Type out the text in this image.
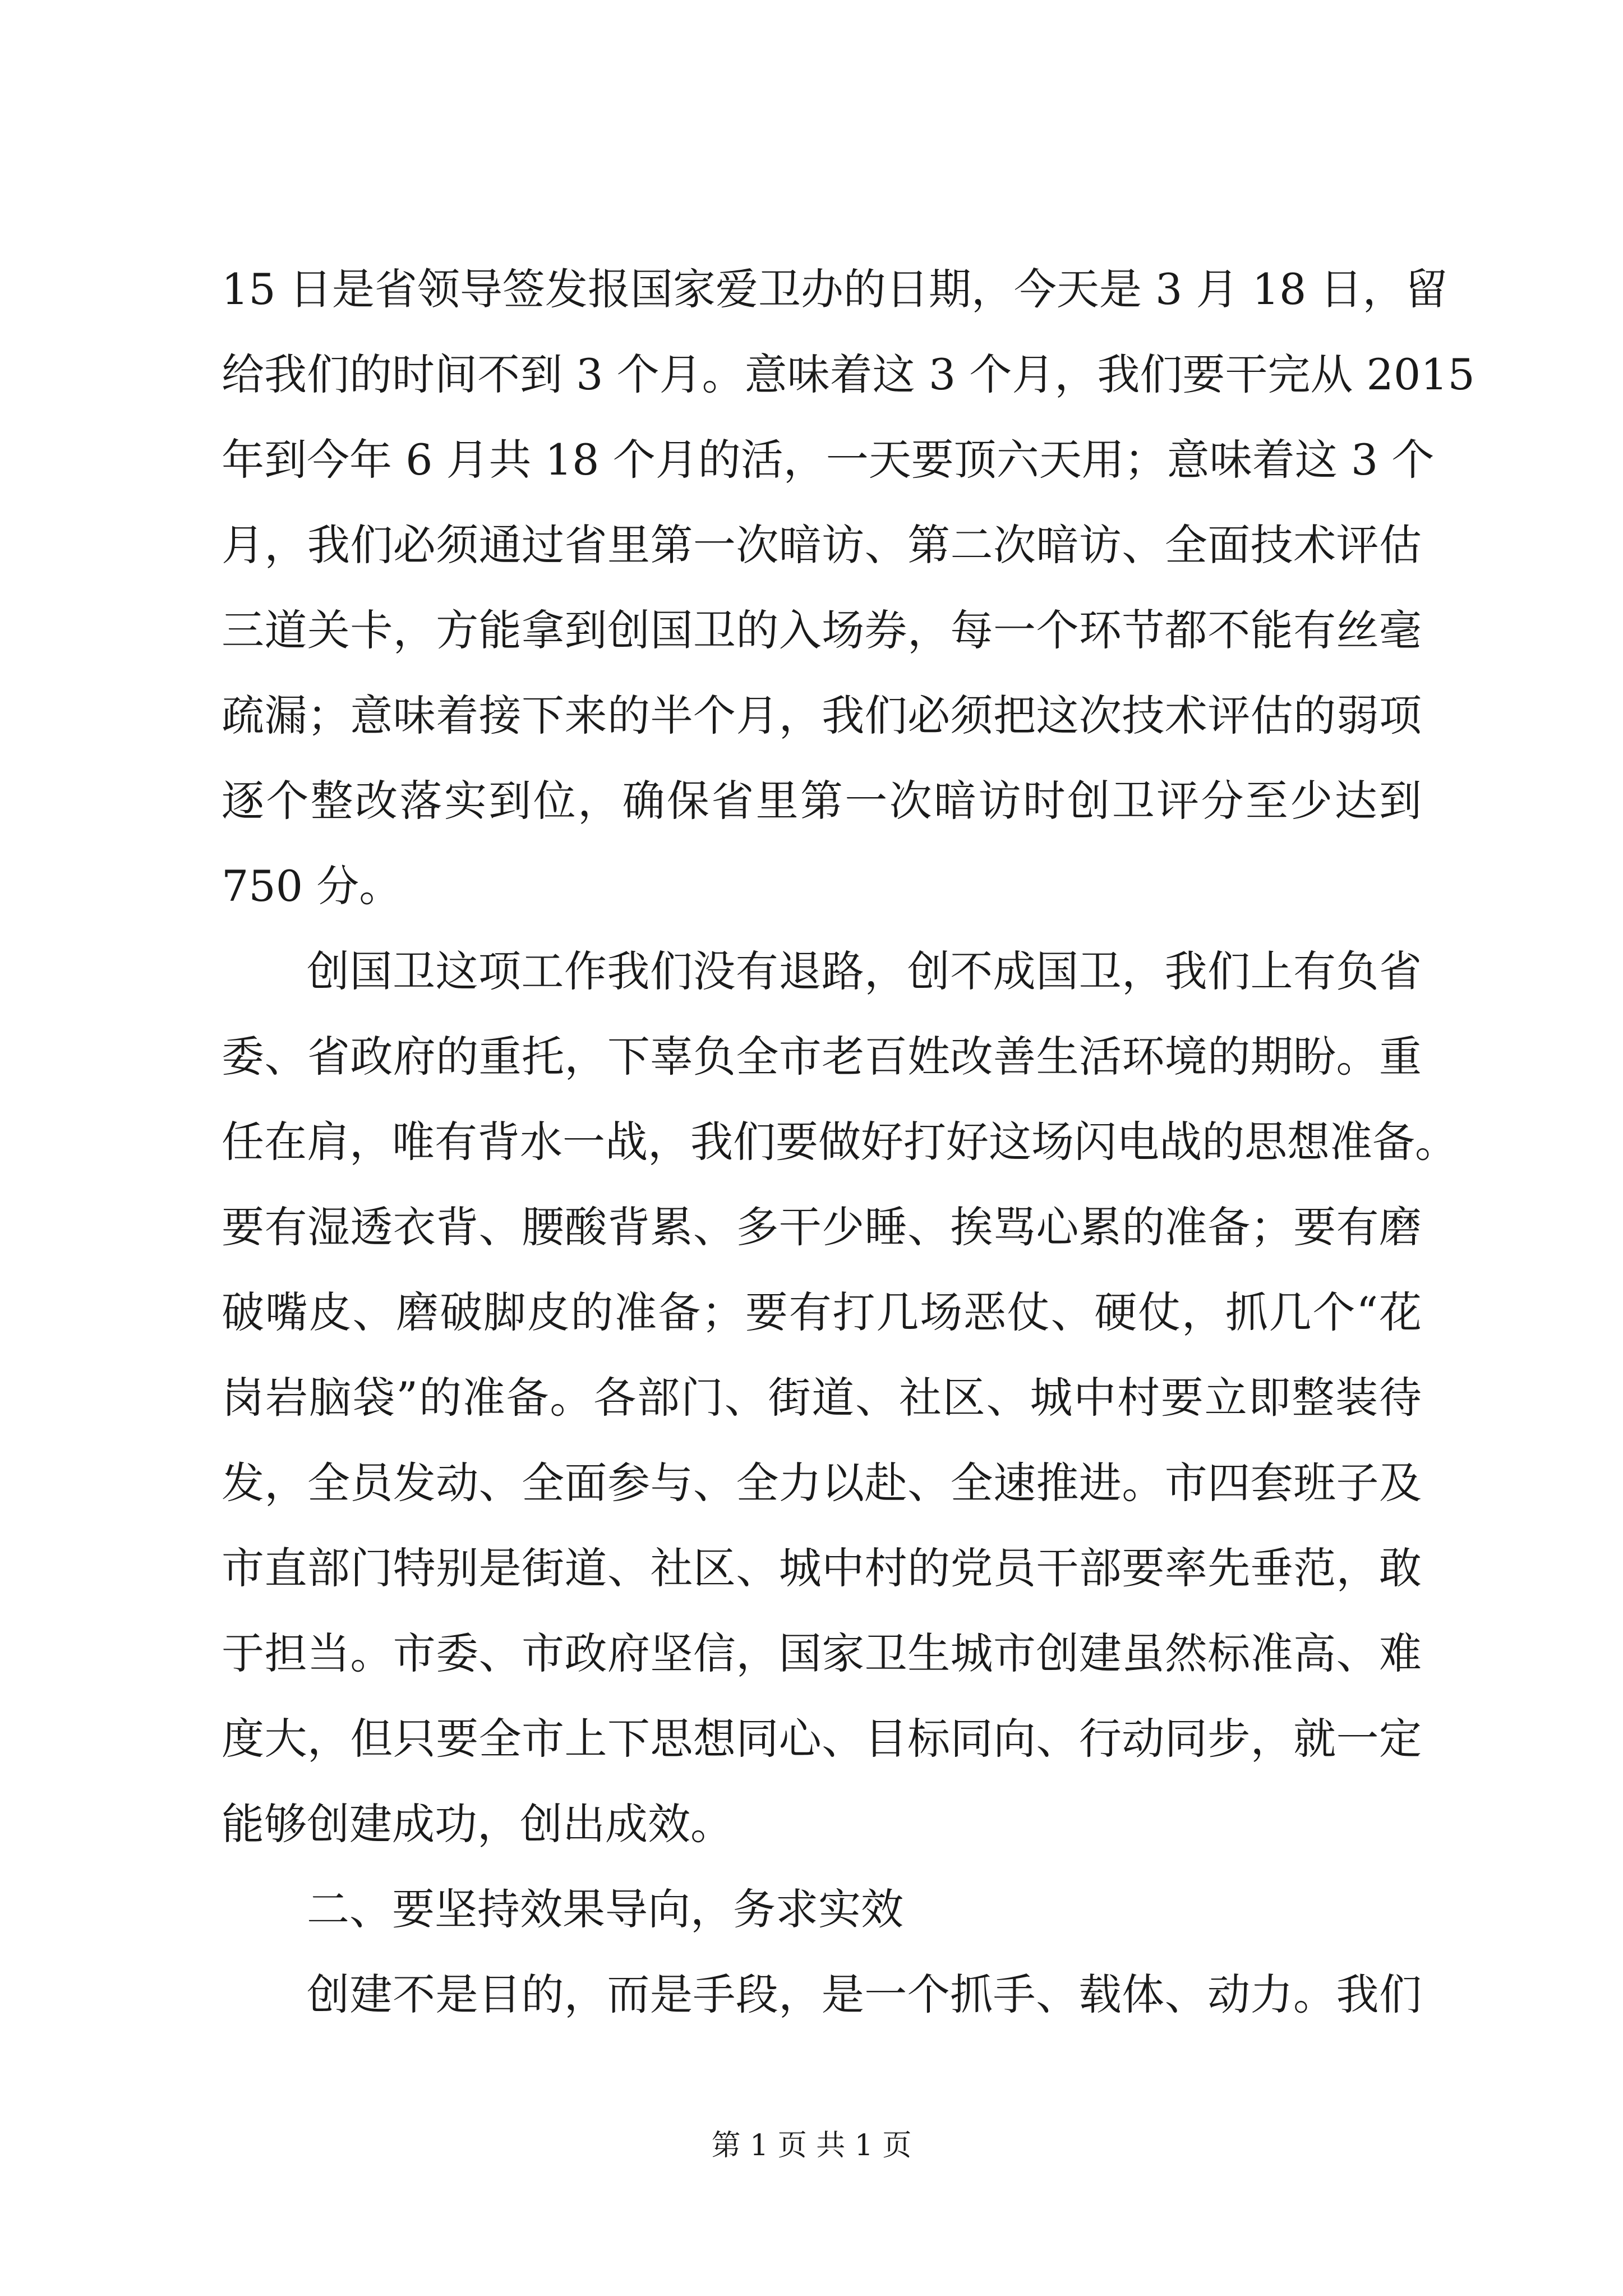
15 日是省领导签发报国家爱卫办的日期，今天是 3 月 18 日，留
给我们的时间不到 3 个月。意味着这 3 个月，我们要干完从 2015
年到今年 6 月共 18 个月的活，一天要顶六天用；意味着这 3 个
月，我们必须通过省里第一次暗访、第二次暗访、全面技术评估
三道关卡，方能拿到创国卫的入场券，每一个环节都不能有丝毫
疏漏；意味着接下来的半个月，我们必须把这次技术评估的弱项
逐个整改落实到位，确保省里第一次暗访时创卫评分至少达到
750 分。
创国卫这项工作我们没有退路，创不成国卫，我们上有负省
委、省政府的重托，下辜负全市老百姓改善生活环境的期盼。重
任在肩，唯有背水一战，我们要做好打好这场闪电战的思想准备。
要有湿透衣背、腰酸背累、多干少睡、挨骂心累的准备；要有磨
破嘴皮、磨破脚皮的准备；要有打几场恶仗、硬仗，抓几个“花
岗岩脑袋”的准备。各部门、街道、社区、城中村要立即整装待
发，全员发动、全面参与、全力以赴、全速推进。市四套班子及
市直部门特别是街道、社区、城中村的党员干部要率先垂范，敢
于担当。市委、市政府坚信，国家卫生城市创建虽然标准高、难
度大，但只要全市上下思想同心、目标同向、行动同步，就一定
能够创建成功，创出成效。
二、要坚持效果导向，务求实效
创建不是目的，而是手段，是一个抓手、载体、动力。我们
第 1 页 共 1 页
